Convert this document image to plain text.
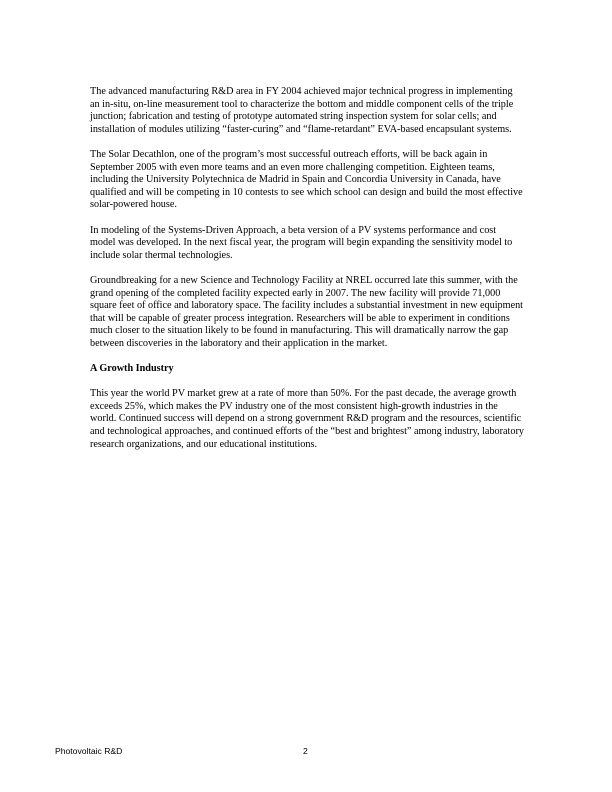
The advanced manufacturing R&D area in FY 2004 achieved major technical progress in implementing an in-situ, on-line measurement tool to characterize the bottom and middle component cells of the triple junction; fabrication and testing of prototype automated string inspection system for solar cells; and installation of modules utilizing “faster-curing” and “flame-retardant” EVA-based encapsulant systems.

The Solar Decathlon, one of the program’s most successful outreach efforts, will be back again in September 2005 with even more teams and an even more challenging competition. Eighteen teams, including the University Polytechnica de Madrid in Spain and Concordia University in Canada, have qualified and will be competing in 10 contests to see which school can design and build the most effective solar-powered house.

In modeling of the Systems-Driven Approach, a beta version of a PV systems performance and cost model was developed. In the next fiscal year, the program will begin expanding the sensitivity model to include solar thermal technologies.

Groundbreaking for a new Science and Technology Facility at NREL occurred late this summer, with the grand opening of the completed facility expected early in 2007. The new facility will provide 71,000 square feet of office and laboratory space. The facility includes a substantial investment in new equipment that will be capable of greater process integration. Researchers will be able to experiment in conditions much closer to the situation likely to be found in manufacturing. This will dramatically narrow the gap between discoveries in the laboratory and their application in the market.

A Growth Industry

This year the world PV market grew at a rate of more than 50%. For the past decade, the average growth exceeds 25%, which makes the PV industry one of the most consistent high-growth industries in the world. Continued success will depend on a strong government R&D program and the resources, scientific and technological approaches, and continued efforts of the “best and brightest” among industry, laboratory research organizations, and our educational institutions.

Photovoltaic R&D	2
